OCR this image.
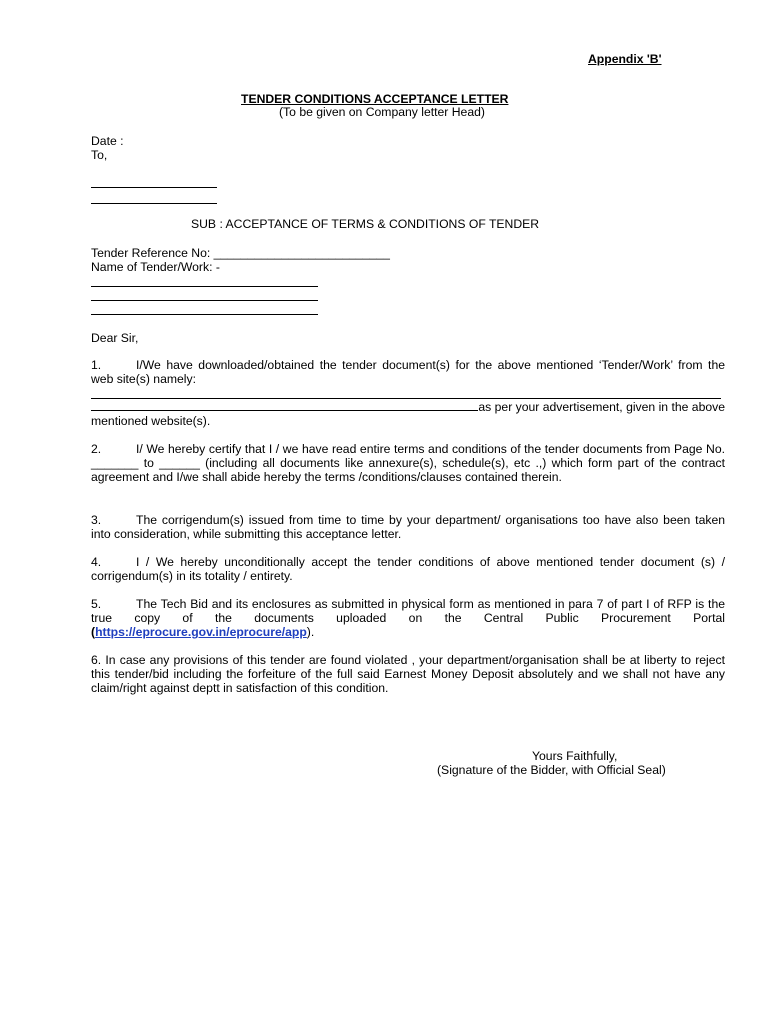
Appendix 'B'
TENDER CONDITIONS ACCEPTANCE LETTER
(To be given on Company letter Head)
Date :
To,
SUB : ACCEPTANCE OF TERMS & CONDITIONS OF TENDER
Tender Reference No: __________________________
Name of Tender/Work: -
Dear Sir,
1.	I/We have downloaded/obtained the tender document(s) for the above mentioned ‘Tender/Work’ from the web site(s) namely:
as per your advertisement, given in the above
mentioned website(s).
2.	I/ We hereby certify that I / we have read entire terms and conditions of the tender documents from Page No. _______ to ______ (including all documents like annexure(s), schedule(s), etc .,) which form part of the contract agreement and I/we shall abide hereby the terms /conditions/clauses contained therein.
3.	The corrigendum(s) issued from time to time by your department/ organisations too have also been taken into consideration, while submitting this acceptance letter.
4.	I / We hereby unconditionally accept the tender conditions of above mentioned tender document (s) / corrigendum(s) in its totality / entirety.
5.	The Tech Bid and its enclosures as submitted in physical form as mentioned in para 7 of part I of RFP is the true copy of the documents uploaded on the Central Public Procurement Portal (https://eprocure.gov.in/eprocure/app).
6. In case any provisions of this tender are found violated , your department/organisation shall be at liberty to reject this tender/bid including the forfeiture of the full said Earnest Money Deposit absolutely and we shall not have any claim/right against deptt in satisfaction of this condition.
Yours Faithfully,
(Signature of the Bidder, with Official Seal)
